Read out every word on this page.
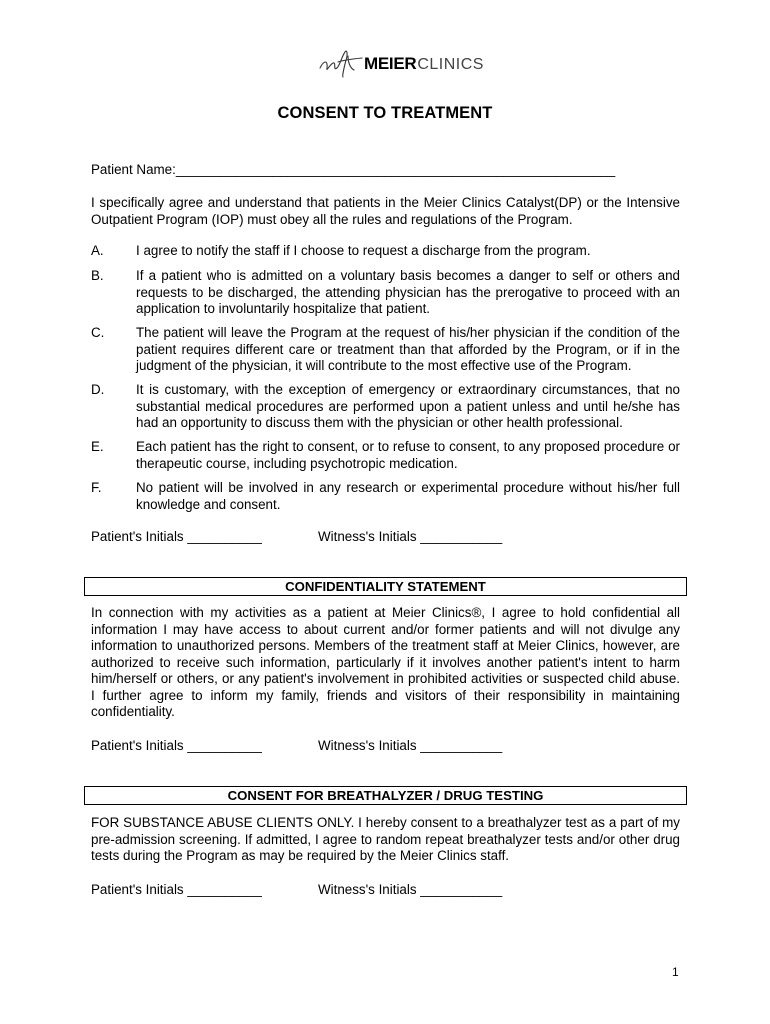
MEIERCLINICS
CONSENT TO TREATMENT
Patient Name:___________________________________________________________
I specifically agree and understand that patients in the Meier Clinics Catalyst(DP) or the Intensive Outpatient Program (IOP) must obey all the rules and regulations of the Program.
A. I agree to notify the staff if I choose to request a discharge from the program.
B. If a patient who is admitted on a voluntary basis becomes a danger to self or others and requests to be discharged, the attending physician has the prerogative to proceed with an application to involuntarily hospitalize that patient.
C. The patient will leave the Program at the request of his/her physician if the condition of the patient requires different care or treatment than that afforded by the Program, or if in the judgment of the physician, it will contribute to the most effective use of the Program.
D. It is customary, with the exception of emergency or extraordinary circumstances, that no substantial medical procedures are performed upon a patient unless and until he/she has had an opportunity to discuss them with the physician or other health professional.
E. Each patient has the right to consent, or to refuse to consent, to any proposed procedure or therapeutic course, including psychotropic medication.
F.	No patient will be involved in any research or experimental procedure without his/her full knowledge and consent.
Patient's Initials __________	Witness's Initials ___________
CONFIDENTIALITY STATEMENT
In connection with my activities as a patient at Meier Clinics®, I agree to hold confidential all information I may have access to about current and/or former patients and will not divulge any information to unauthorized persons. Members of the treatment staff at Meier Clinics, however, are authorized to receive such information, particularly if it involves another patient's intent to harm him/herself or others, or any patient's involvement in prohibited activities or suspected child abuse. I further agree to inform my family, friends and visitors of their responsibility in maintaining confidentiality.
Patient's Initials __________	Witness's Initials ___________
CONSENT FOR BREATHALYZER / DRUG TESTING
FOR SUBSTANCE ABUSE CLIENTS ONLY. I hereby consent to a breathalyzer test as a part of my pre-admission screening. If admitted, I agree to random repeat breathalyzer tests and/or other drug tests during the Program as may be required by the Meier Clinics staff.
Patient's Initials __________	Witness's Initials ___________
1
